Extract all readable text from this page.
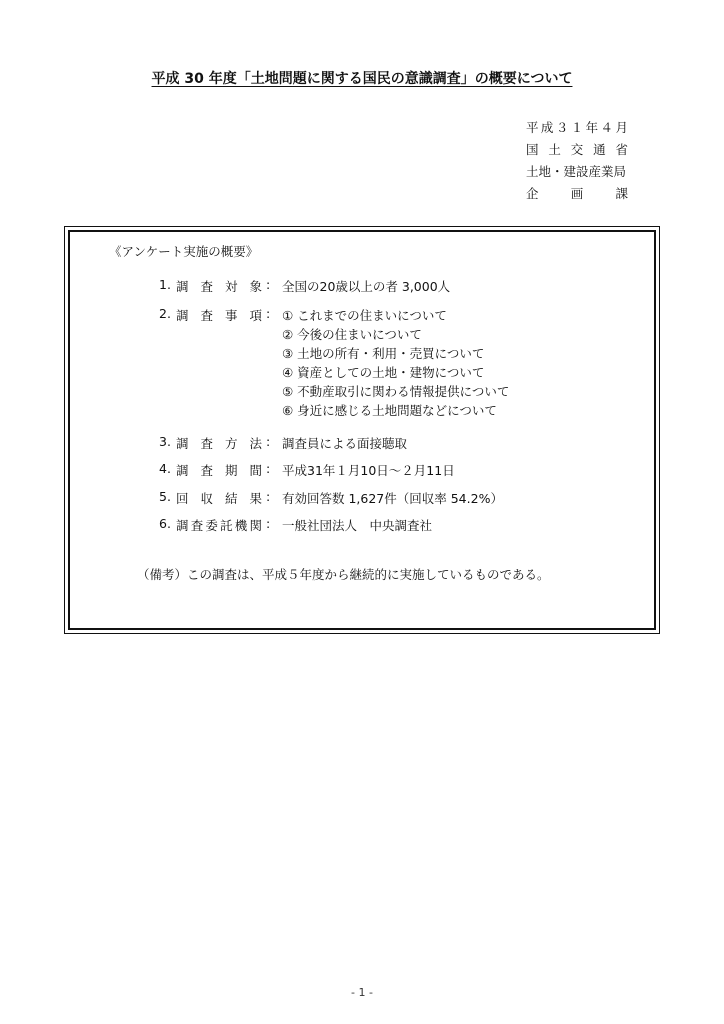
平成 30 年度「土地問題に関する国民の意識調査」の概要について
平 成 ３ １ 年 ４ 月
国 土 交 通 省
土地・建設産業局
企	画	課
《アンケート実施の概要》
1. 調 査 対 象 : 全国の20歳以上の者 3,000人
2. 調 査 事 項 : ① これまでの住まいについて
② 今後の住まいについて
③ 土地の所有・利用・売買について
④ 資産としての土地・建物について
⑤ 不動産取引に関わる情報提供について
⑥ 身近に感じる土地問題などについて
3. 調 査 方 法 : 調査員による面接聴取
4. 調 査 期 間 : 平成31年１月10日～２月11日
5. 回 収 結 果 : 有効回答数 1,627件（回収率 54.2%）
6. 調 査 委 託 機 関 : 一般社団法人　中央調査社
（備考）この調査は、平成５年度から継続的に実施しているものである。
- 1 -
